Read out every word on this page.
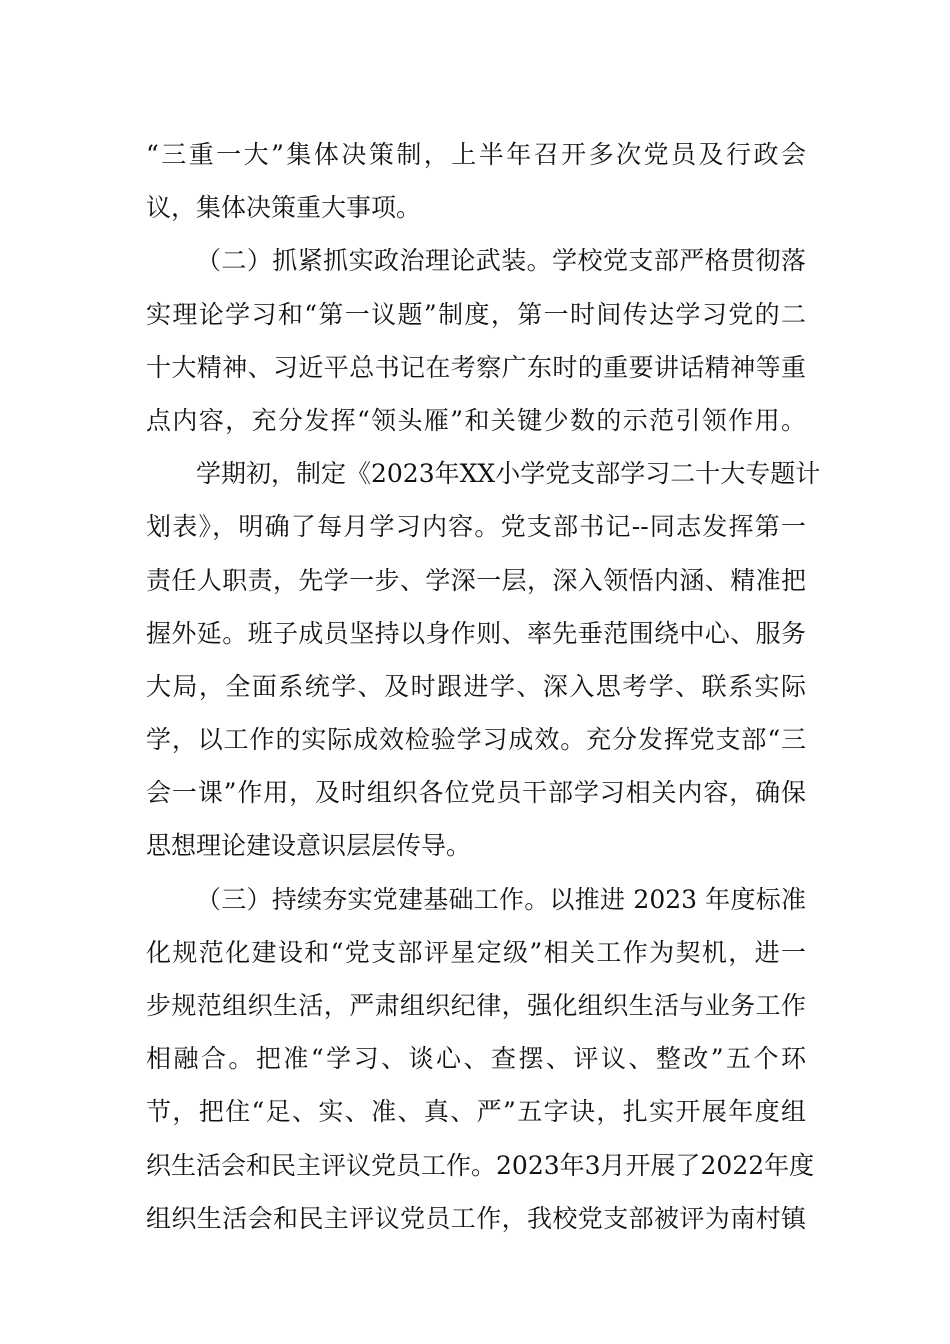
“三重一大”集体决策制，上半年召开多次党员及行政会
议，集体决策重大事项。
（二）抓紧抓实政治理论武装。学校党支部严格贯彻落
实理论学习和“第一议题”制度，第一时间传达学习党的二
十大精神、习近平总书记在考察广东时的重要讲话精神等重
点内容，充分发挥“领头雁”和关键少数的示范引领作用。
学期初，制定《2023年XX小学党支部学习二十大专题计
划表》，明确了每月学习内容。党支部书记--同志发挥第一
责任人职责，先学一步、学深一层，深入领悟内涵、精准把
握外延。班子成员坚持以身作则、率先垂范围绕中心、服务
大局，全面系统学、及时跟进学、深入思考学、联系实际
学，以工作的实际成效检验学习成效。充分发挥党支部“三
会一课”作用，及时组织各位党员干部学习相关内容，确保
思想理论建设意识层层传导。
（三）持续夯实党建基础工作。以推进 2023 年度标准
化规范化建设和“党支部评星定级”相关工作为契机，进一
步规范组织生活，严肃组织纪律，强化组织生活与业务工作
相融合。把准“学习、谈心、查摆、评议、整改”五个环
节，把住“足、实、准、真、严”五字诀，扎实开展年度组
织生活会和民主评议党员工作。2023年3月开展了2022年度
组织生活会和民主评议党员工作，我校党支部被评为南村镇
